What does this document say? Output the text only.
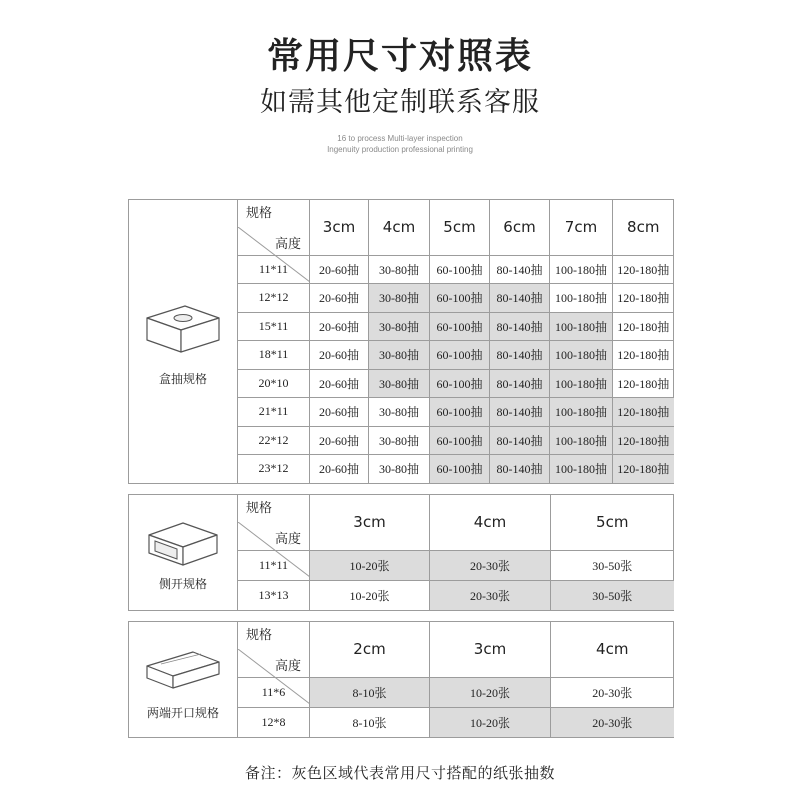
常用尺寸对照表
如需其他定制联系客服
16 to process Multi-layer inspection
Ingenuity production professional printing
盒抽规格
高度
规格	3cm	4cm	5cm	6cm	7cm	8cm
11*11	20-60抽	30-80抽	60-100抽	80-140抽	100-180抽	120-180抽
12*12	20-60抽	30-80抽	60-100抽	80-140抽	100-180抽	120-180抽
15*11	20-60抽	30-80抽	60-100抽	80-140抽	100-180抽	120-180抽
18*11	20-60抽	30-80抽	60-100抽	80-140抽	100-180抽	120-180抽
20*10	20-60抽	30-80抽	60-100抽	80-140抽	100-180抽	120-180抽
21*11	20-60抽	30-80抽	60-100抽	80-140抽	100-180抽	120-180抽
22*12	20-60抽	30-80抽	60-100抽	80-140抽	100-180抽	120-180抽
23*12	20-60抽	30-80抽	60-100抽	80-140抽	100-180抽	120-180抽
侧开规格
高度
规格	3cm	4cm	5cm
11*11	10-20张	20-30张	30-50张
13*13	10-20张	20-30张	30-50张
两端开口规格
高度
规格	2cm	3cm	4cm
11*6	8-10张	10-20张	20-30张
12*8	8-10张	10-20张	20-30张
备注：灰色区域代表常用尺寸搭配的纸张抽数
